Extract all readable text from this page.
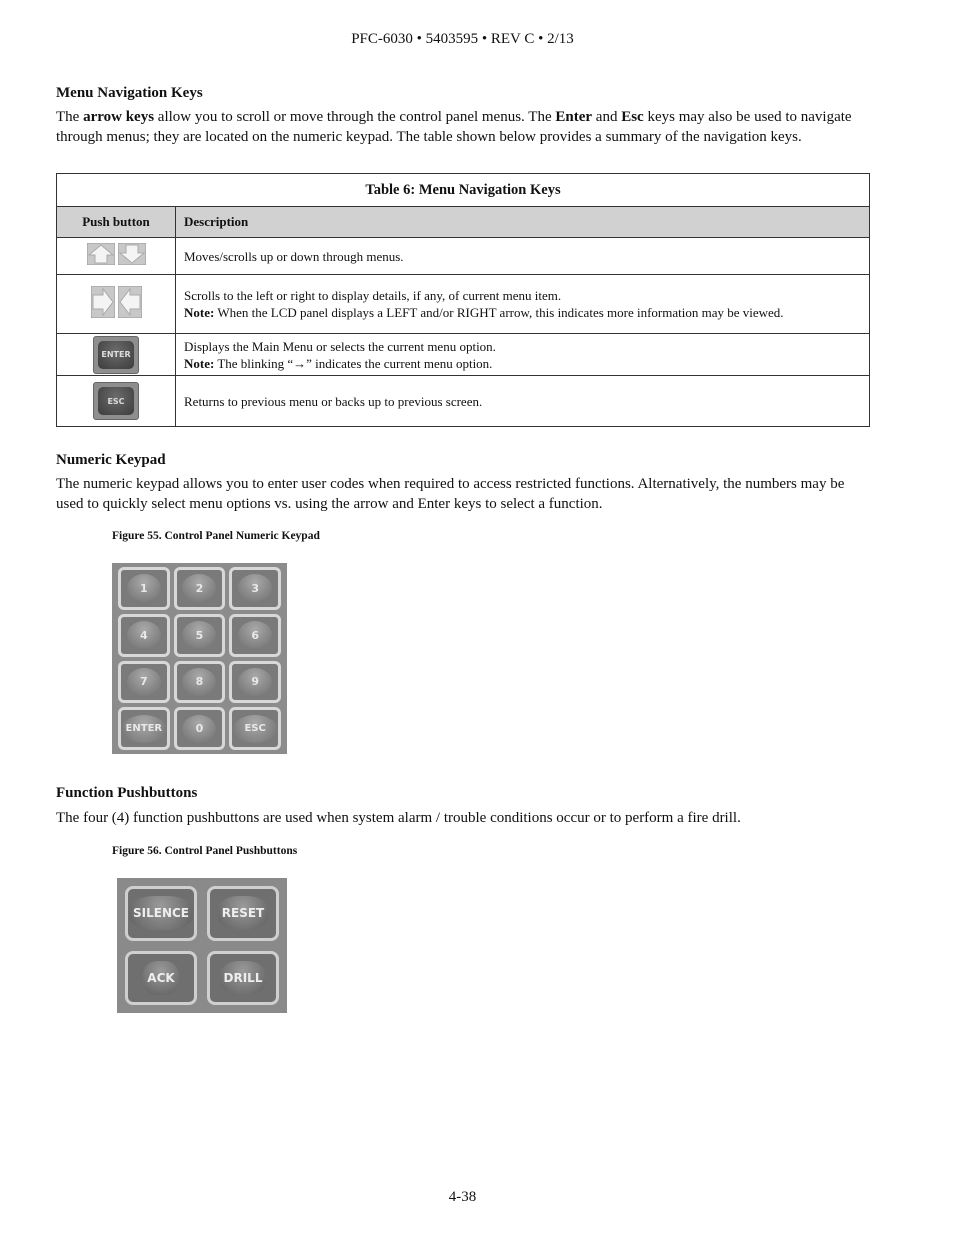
PFC-6030 • 5403595 • REV C • 2/13
Menu Navigation Keys
The arrow keys allow you to scroll or move through the control panel menus. The Enter and Esc keys may also be used to navigate through menus; they are located on the numeric keypad. The table shown below provides a summary of the navigation keys.
Table 6: Menu Navigation Keys	
Push button	Description

	Moves/scrolls up or down through menus.

	Scrolls to the left or right to display details, if any, of current menu item.
Note: When the LCD panel displays a LEFT and/or RIGHT arrow, this indicates more information may be viewed.

ENTER	Displays the Main Menu or selects the current menu option.
Note: The blinking “→” indicates the current menu option.

ESC	Returns to previous menu or backs up to previous screen.
Numeric Keypad
The numeric keypad allows you to enter user codes when required to access restricted functions. Alternatively, the numbers may be used to quickly select menu options vs. using the arrow and Enter keys to select a function.
Figure 55. Control Panel Numeric Keypad
1	2	3
4	5	6
7	8	9
ENTER	0	ESC
Function Pushbuttons
The four (4) function pushbuttons are used when system alarm / trouble conditions occur or to perform a fire drill.
Figure 56. Control Panel Pushbuttons
SILENCE	RESET
ACK	DRILL
4-38
